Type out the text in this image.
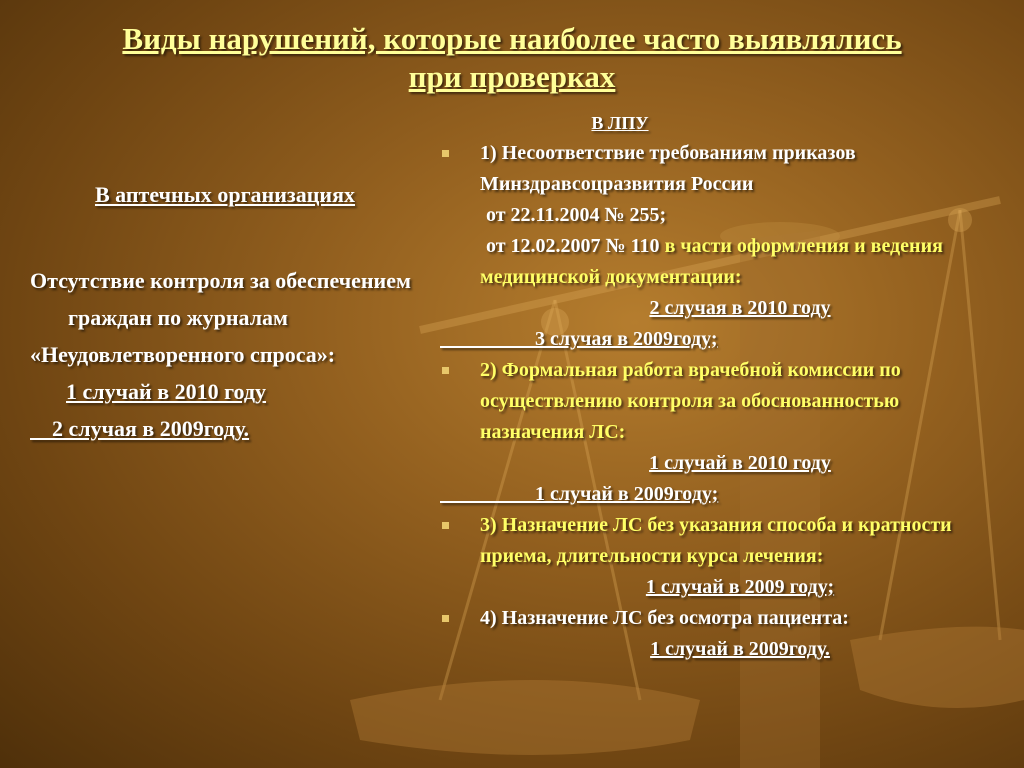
Виды нарушений, которые наиболее часто выявлялись
при проверках
В аптечных организациях
Отсутствие контроля за обеспечением граждан по журналам
«Неудовлетворенного спроса»:
1 случай в 2010 году
2 случая в 2009году.
В ЛПУ
1) Несоответствие требованиям приказов Минздравсоцразвития России
от 22.11.2004 № 255;
от 12.02.2007 № 110 в части оформления и ведения медицинской документации:
2 случая в 2010 году
3 случая в 2009году;
2) Формальная работа врачебной комиссии по осуществлению контроля за обоснованностью назначения ЛС:
1 случай в 2010 году
1 случай в 2009году;
3) Назначение ЛС без указания способа и кратности приема, длительности курса лечения:
1 случай в 2009 году;
4) Назначение ЛС без осмотра пациента:
1 случай в 2009году.
